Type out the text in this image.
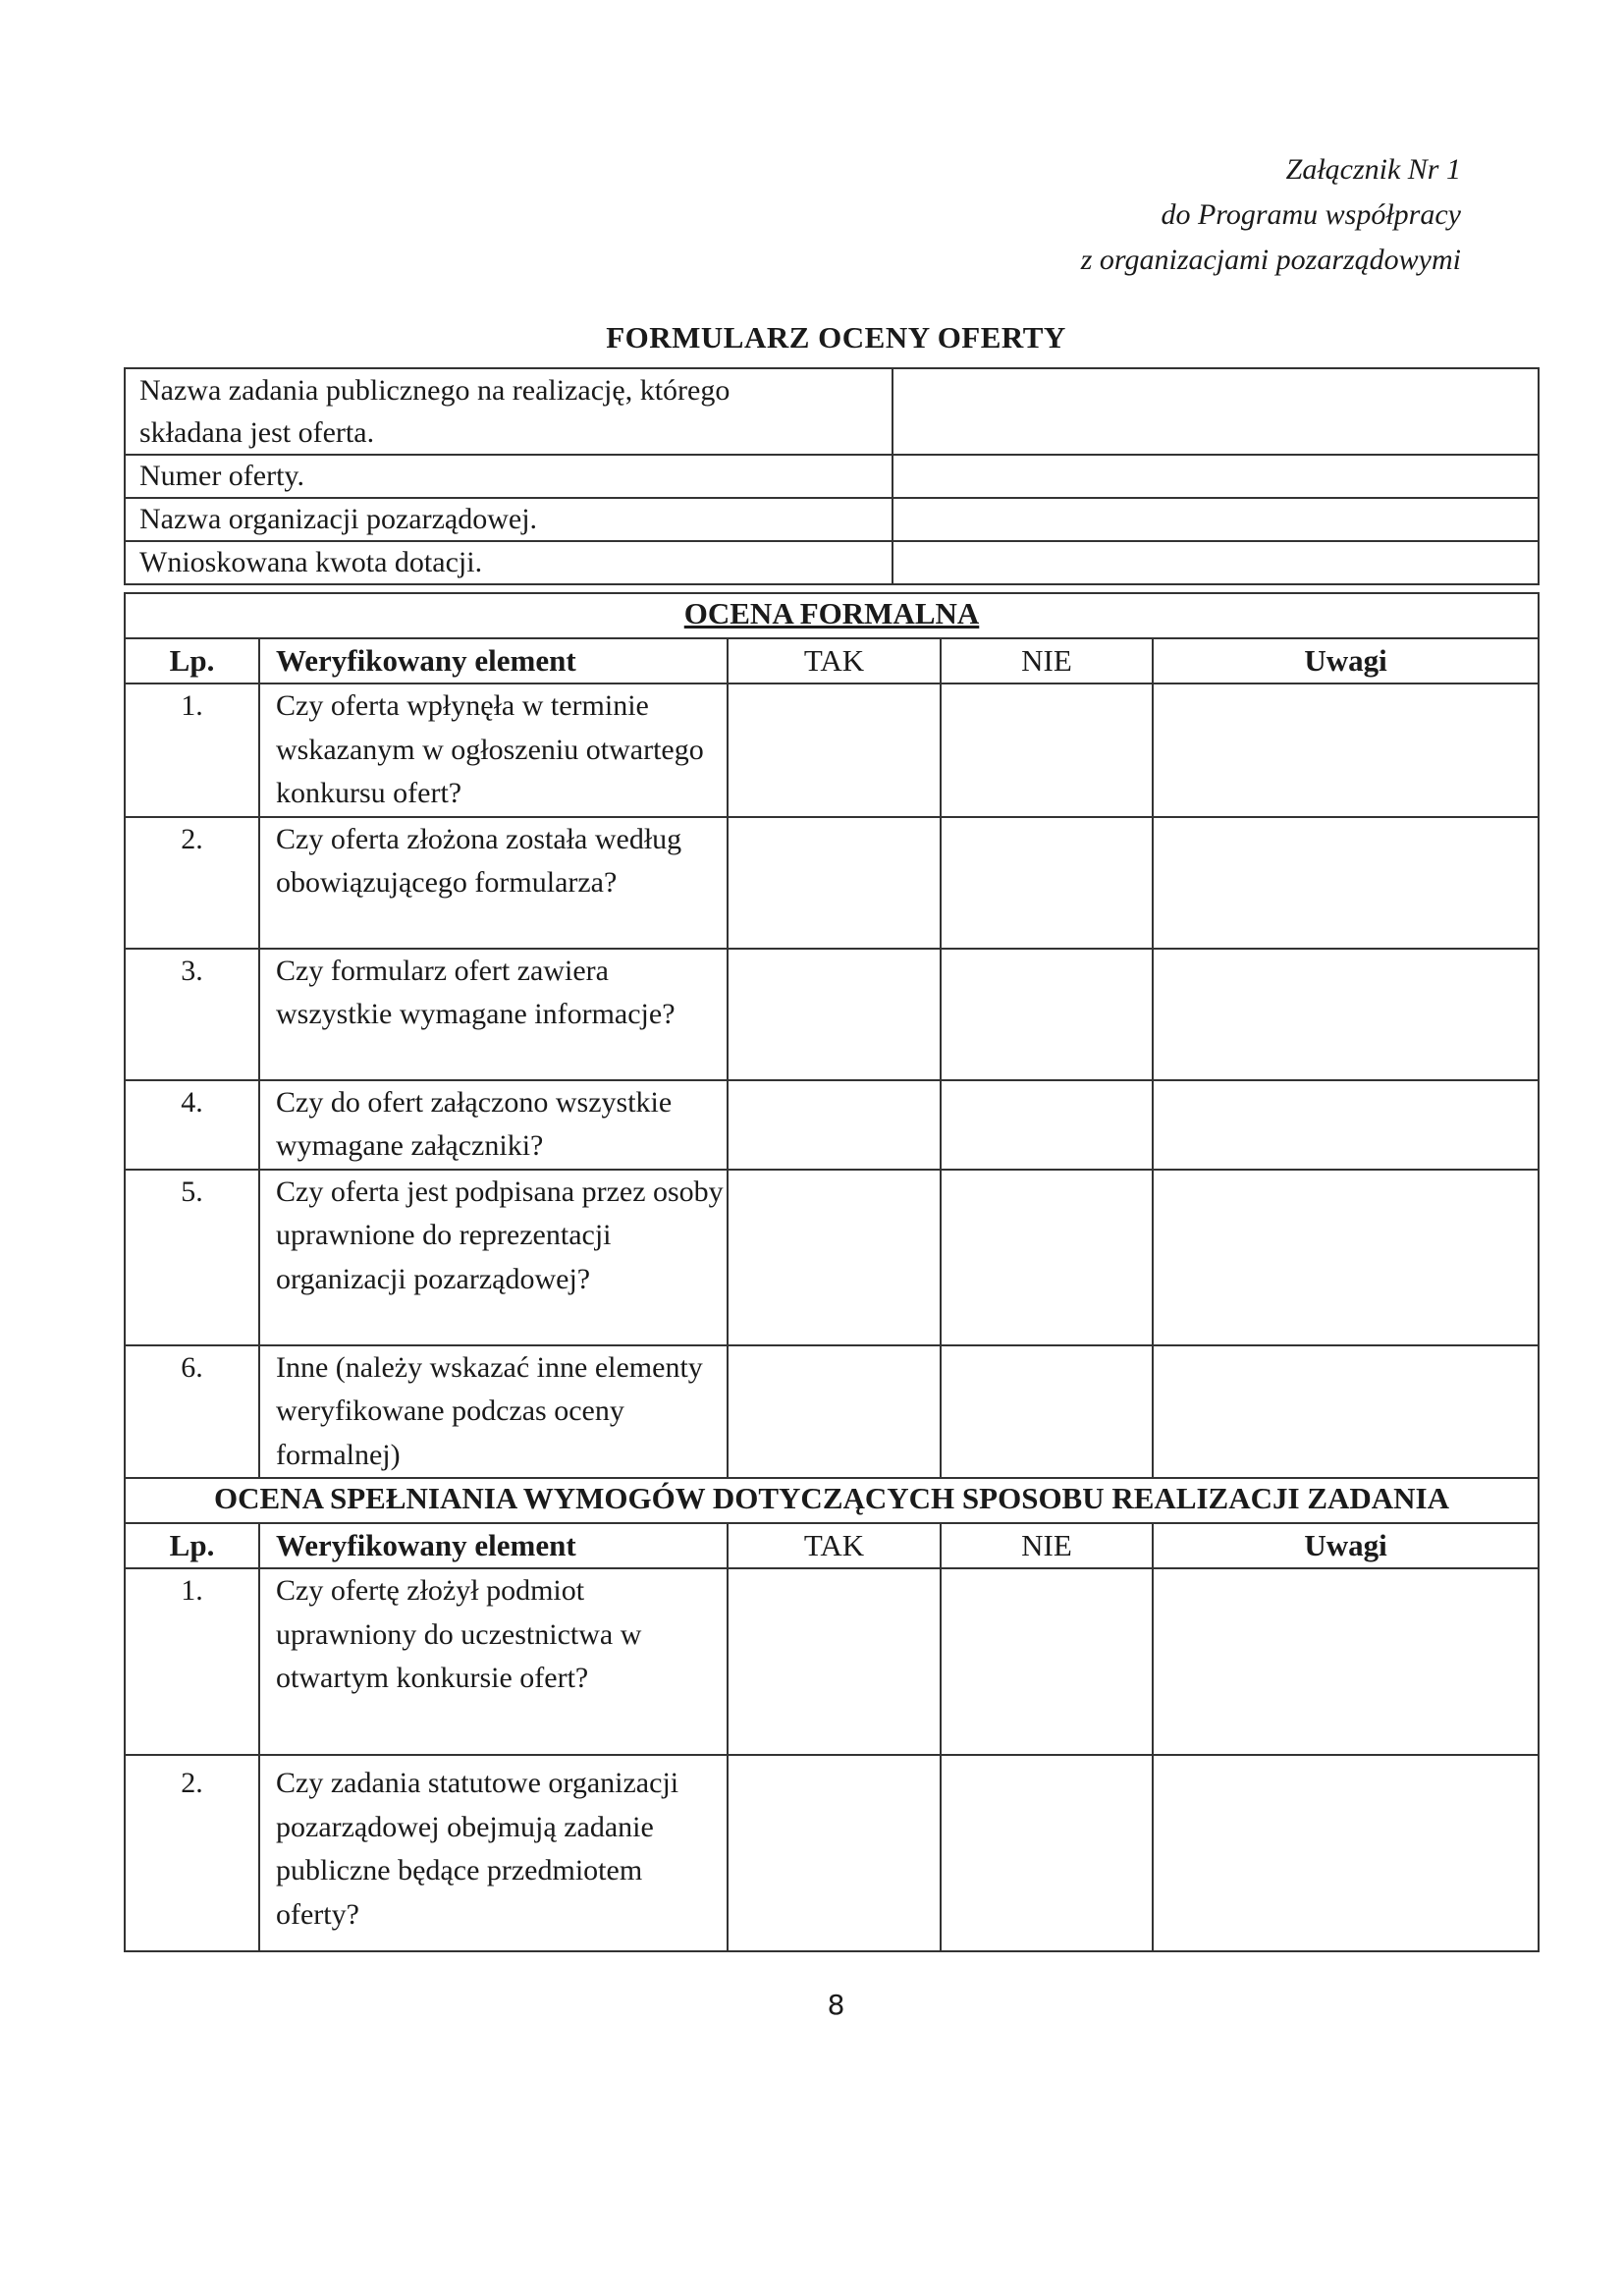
Załącznik Nr 1
do Programu współpracy
z organizacjami pozarządowymi
FORMULARZ OCENY OFERTY
Nazwa zadania publicznego na realizację, którego składana jest oferta.	
Numer oferty.	
Nazwa organizacji pozarządowej.	
Wnioskowana kwota dotacji.	
OCENA FORMALNA				
Lp.	Weryfikowany element	TAK	NIE	Uwagi
1.	Czy oferta wpłynęła w terminie wskazanym w ogłoszeniu otwartego konkursu ofert?			
2.	Czy oferta złożona została według obowiązującego formularza?			
3.	Czy formularz ofert zawiera wszystkie wymagane informacje?			
4.	Czy do ofert załączono wszystkie wymagane załączniki?			
5.	Czy oferta jest podpisana przez osoby uprawnione do reprezentacji organizacji pozarządowej?			
6.	Inne (należy wskazać inne elementy weryfikowane podczas oceny formalnej)			
OCENA SPEŁNIANIA WYMOGÓW DOTYCZĄCYCH SPOSOBU REALIZACJI ZADANIA				
Lp.	Weryfikowany element	TAK	NIE	Uwagi
1.	Czy ofertę złożył podmiot uprawniony do uczestnictwa w otwartym konkursie ofert?			
2.	Czy zadania statutowe organizacji pozarządowej obejmują zadanie publiczne będące przedmiotem oferty?			
8
